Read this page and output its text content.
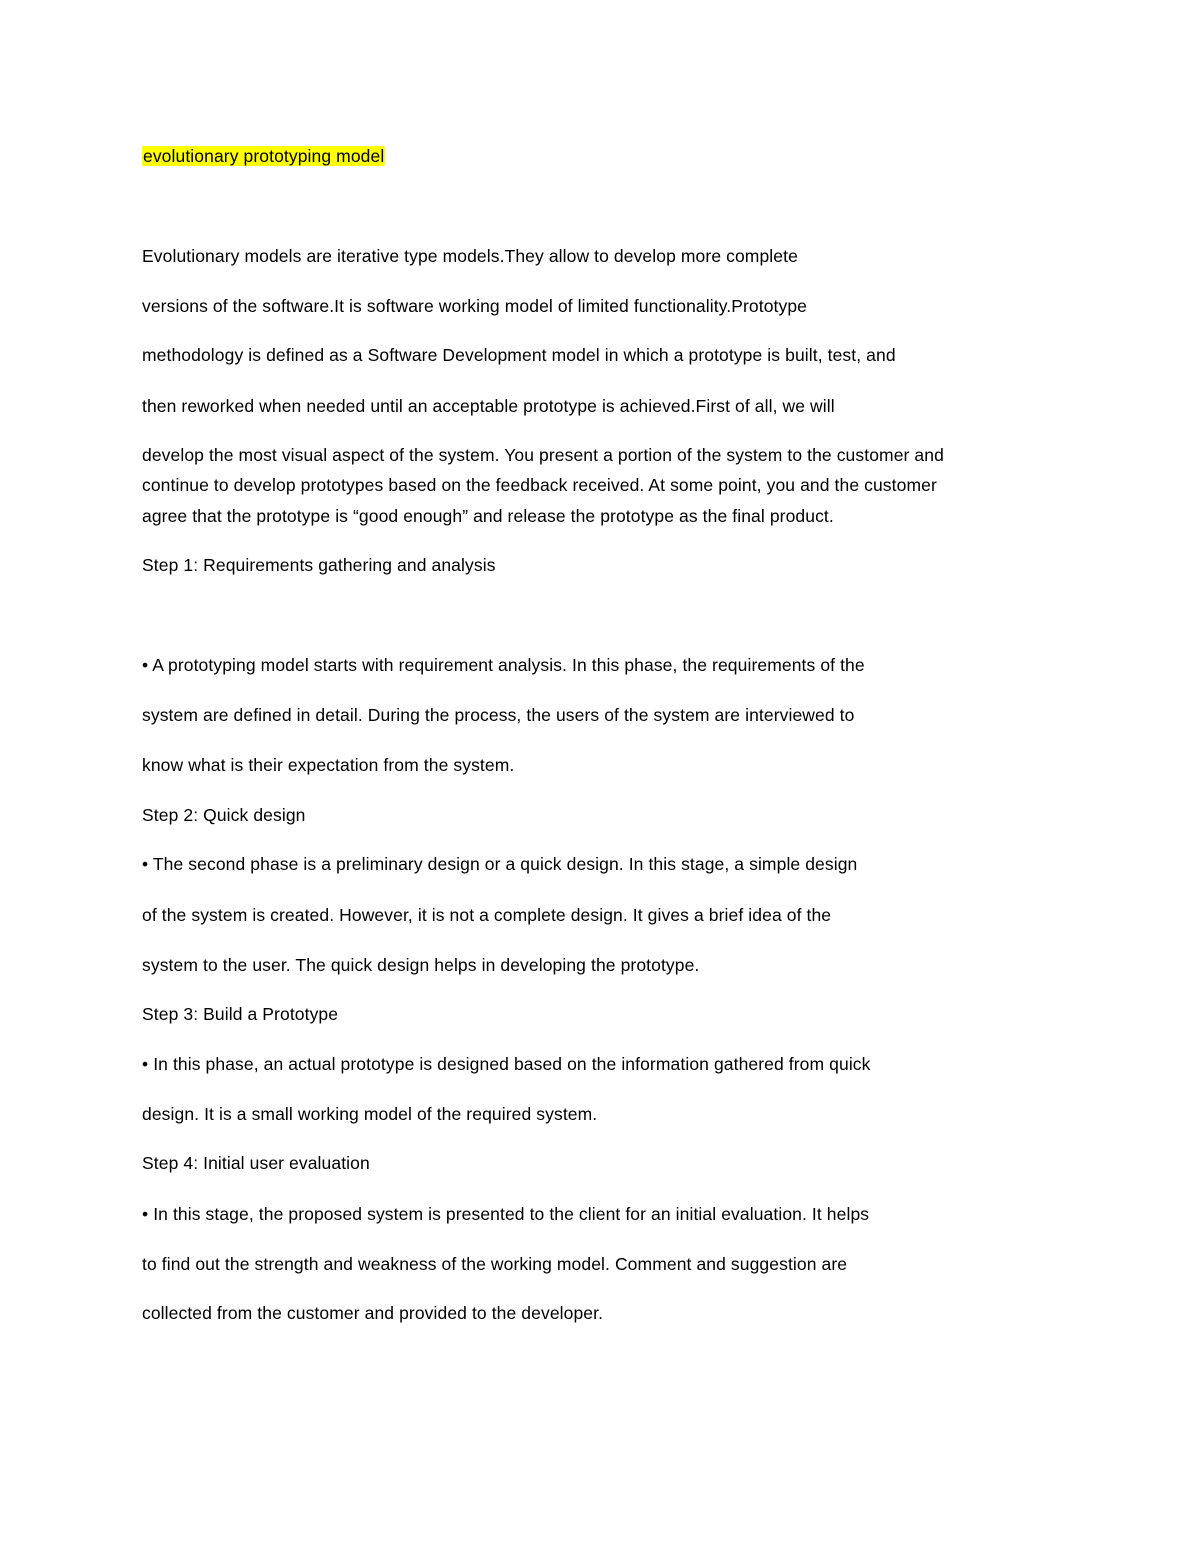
evolutionary prototyping model
Evolutionary models are iterative type models.They allow to develop more complete
versions of the software.It is software working model of limited functionality.Prototype
methodology is defined as a Software Development model in which a prototype is built, test, and
then reworked when needed until an acceptable prototype is achieved.First of all, we will
develop the most visual aspect of the system. You present a portion of the system to the customer and
continue to develop prototypes based on the feedback received. At some point, you and the customer
agree that the prototype is “good enough” and release the prototype as the final product.
Step 1: Requirements gathering and analysis
• A prototyping model starts with requirement analysis. In this phase, the requirements of the
system are defined in detail. During the process, the users of the system are interviewed to
know what is their expectation from the system.
Step 2: Quick design
• The second phase is a preliminary design or a quick design. In this stage, a simple design
of the system is created. However, it is not a complete design. It gives a brief idea of the
system to the user. The quick design helps in developing the prototype.
Step 3: Build a Prototype
• In this phase, an actual prototype is designed based on the information gathered from quick
design. It is a small working model of the required system.
Step 4: Initial user evaluation
• In this stage, the proposed system is presented to the client for an initial evaluation. It helps
to find out the strength and weakness of the working model. Comment and suggestion are
collected from the customer and provided to the developer.
